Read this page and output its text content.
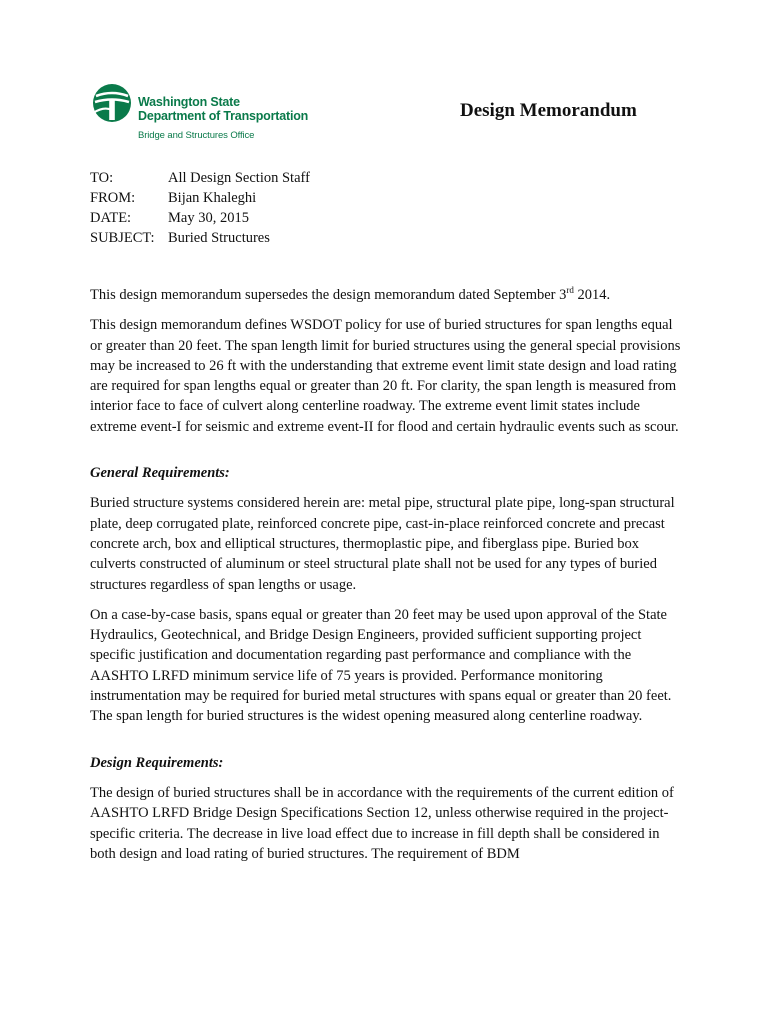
Washington State
Department of Transportation
Bridge and Structures Office
Design Memorandum
TO:	All Design Section Staff
FROM:	Bijan Khaleghi
DATE:	May 30, 2015
SUBJECT: Buried Structures

This design memorandum supersedes the design memorandum dated September 3rd 2014.

This design memorandum defines WSDOT policy for use of buried structures for span lengths equal or greater than 20 feet. The span length limit for buried structures using the general special provisions may be increased to 26 ft with the understanding that extreme event limit state design and load rating are required for span lengths equal or greater than 20 ft. For clarity, the span length is measured from interior face to face of culvert along centerline roadway. The extreme event limit states include extreme event-I for seismic and extreme event-II for flood and certain hydraulic events such as scour.

General Requirements:

Buried structure systems considered herein are: metal pipe, structural plate pipe, long-span structural plate, deep corrugated plate, reinforced concrete pipe, cast-in-place reinforced concrete and precast concrete arch, box and elliptical structures, thermoplastic pipe, and fiberglass pipe. Buried box culverts constructed of aluminum or steel structural plate shall not be used for any types of buried structures regardless of span lengths or usage.

On a case-by-case basis, spans equal or greater than 20 feet may be used upon approval of the State Hydraulics, Geotechnical, and Bridge Design Engineers, provided sufficient supporting project specific justification and documentation regarding past performance and compliance with the AASHTO LRFD minimum service life of 75 years is provided. Performance monitoring instrumentation may be required for buried metal structures with spans equal or greater than 20 feet. The span length for buried structures is the widest opening measured along centerline roadway.

Design Requirements:

The design of buried structures shall be in accordance with the requirements of the current edition of AASHTO LRFD Bridge Design Specifications Section 12, unless otherwise required in the project-specific criteria. The decrease in live load effect due to increase in fill depth shall be considered in both design and load rating of buried structures. The requirement of BDM
